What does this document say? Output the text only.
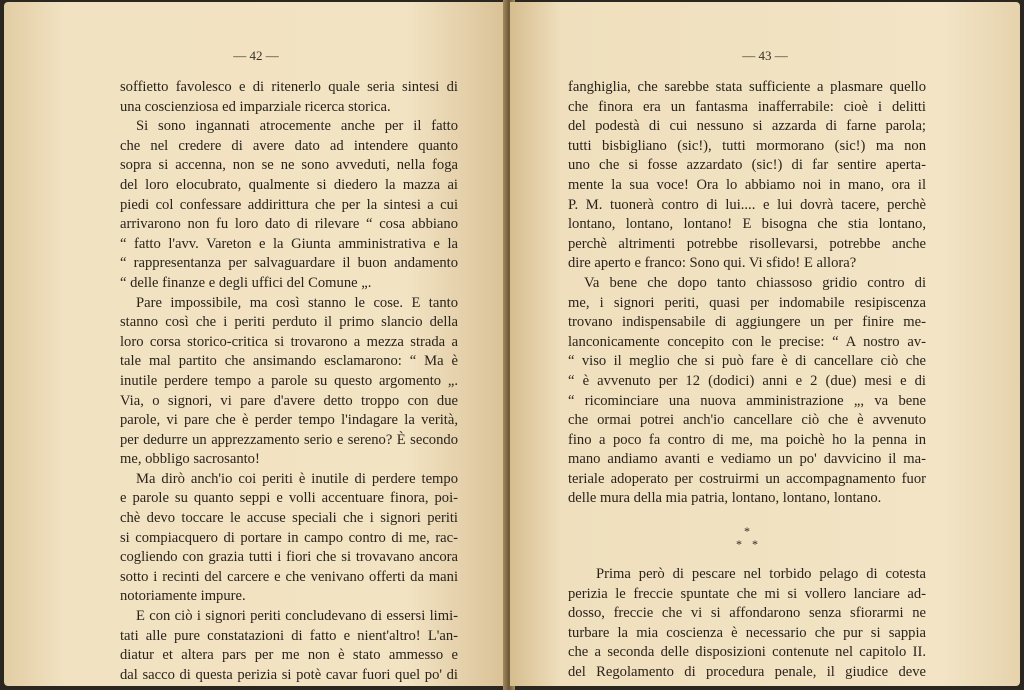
— 42 —
soffietto favolesco e di ritenerlo quale seria sintesi di
una coscienziosa ed imparziale ricerca storica.
Si sono ingannati atrocemente anche per il fatto
che nel credere di avere dato ad intendere quanto
sopra si accenna, non se ne sono avveduti, nella foga
del loro elocubrato, qualmente si diedero la mazza ai
piedi col confessare addirittura che per la sintesi a cui
arrivarono non fu loro dato di rilevare “ cosa abbiano
“ fatto l'avv. Vareton e la Giunta amministrativa e la
“ rappresentanza per salvaguardare il buon andamento
“ delle finanze e degli uffici del Comune „.
Pare impossibile, ma così stanno le cose. E tanto
stanno così che i periti perduto il primo slancio della
loro corsa storico-critica si trovarono a mezza strada a
tale mal partito che ansimando esclamarono: “ Ma è
inutile perdere tempo a parole su questo argomento „.
Via, o signori, vi pare d'avere detto troppo con due
parole, vi pare che è perder tempo l'indagare la verità,
per dedurre un apprezzamento serio e sereno? È secondo
me, obbligo sacrosanto!
Ma dirò anch'io coi periti è inutile di perdere tempo
e parole su quanto seppi e volli accentuare finora, poi-
chè devo toccare le accuse speciali che i signori periti
si compiacquero di portare in campo contro di me, rac-
cogliendo con grazia tutti i fiori che si trovavano ancora
sotto i recinti del carcere e che venivano offerti da mani
notoriamente impure.
E con ciò i signori periti concludevano di essersi limi-
tati alle pure constatazioni di fatto e nient'altro! L'an-
diatur et altera pars per me non è stato ammesso e
dal sacco di questa perizia si potè cavar fuori quel po' di
— 43 —
fanghiglia, che sarebbe stata sufficiente a plasmare quello
che finora era un fantasma inafferrabile: cioè i delitti
del podestà di cui nessuno si azzarda di farne parola;
tutti bisbigliano (sic!), tutti mormorano (sic!) ma non
uno che si fosse azzardato (sic!) di far sentire aperta-
mente la sua voce! Ora lo abbiamo noi in mano, ora il
P. M. tuonerà contro di lui.... e lui dovrà tacere, perchè
lontano, lontano, lontano! E bisogna che stia lontano,
perchè altrimenti potrebbe risollevarsi, potrebbe anche
dire aperto e franco: Sono qui. Vi sfido! E allora?
Va bene che dopo tanto chiassoso gridio contro di
me, i signori periti, quasi per indomabile resipiscenza
trovano indispensabile di aggiungere un per finire me-
lanconicamente concepito con le precise: “ A nostro av-
“ viso il meglio che si può fare è di cancellare ciò che
“ è avvenuto per 12 (dodici) anni e 2 (due) mesi e di
“ ricominciare una nuova amministrazione „, va bene
che ormai potrei anch'io cancellare ciò che è avvenuto
fino a poco fa contro di me, ma poichè ho la penna in
mano andiamo avanti e vediamo un po' davvicino il ma-
teriale adoperato per costruirmi un accompagnamento fuor
delle mura della mia patria, lontano, lontano, lontano.
*
**
Prima però di pescare nel torbido pelago di cotesta
perizia le freccie spuntate che mi si vollero lanciare ad-
dosso, freccie che vi si affondarono senza sfiorarmi ne
turbare la mia coscienza è necessario che pur si sappia
che a seconda delle disposizioni contenute nel capitolo II.
del Regolamento di procedura penale, il giudice deve
